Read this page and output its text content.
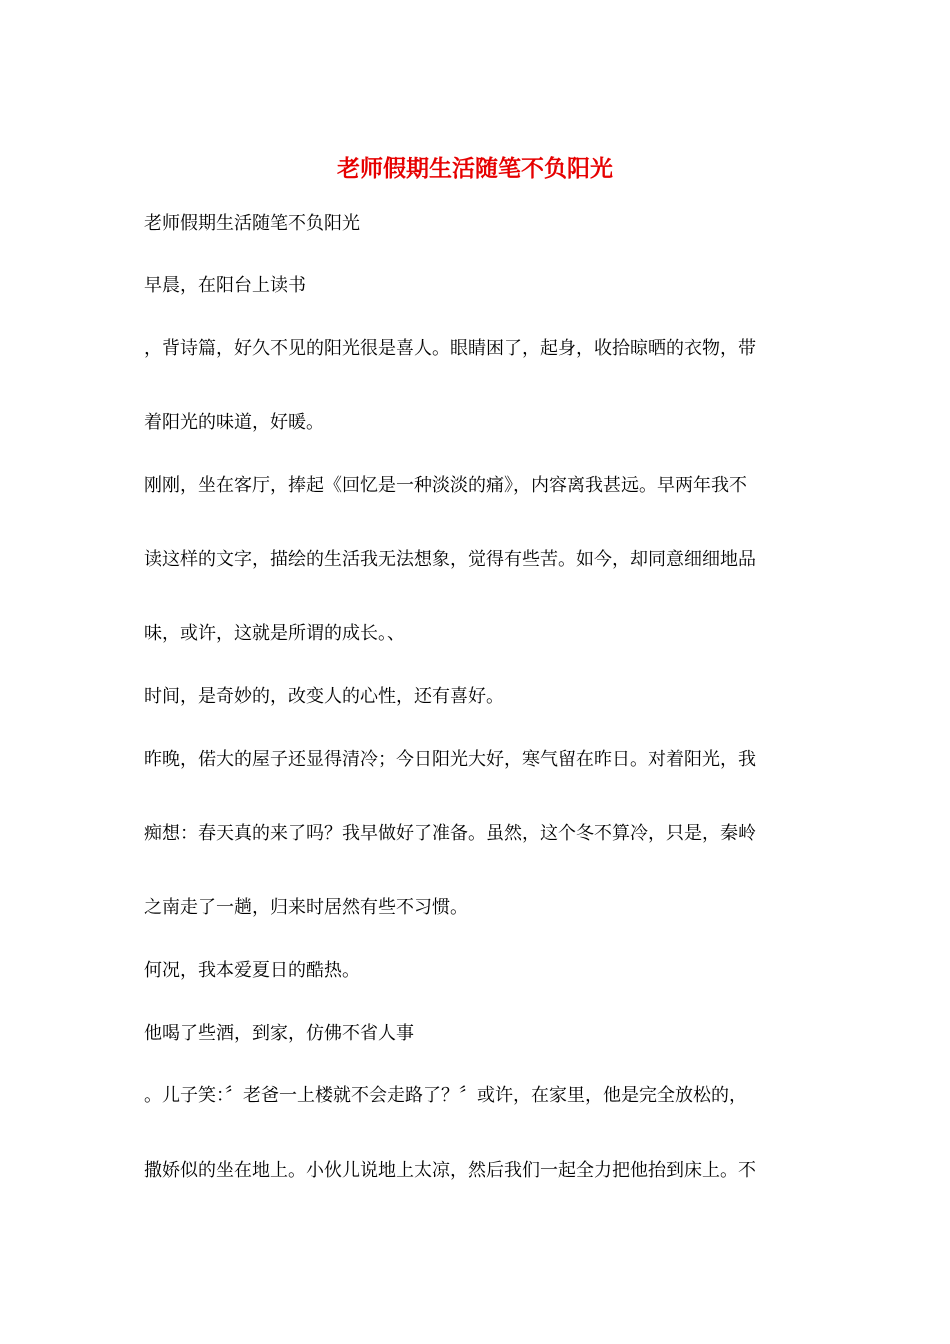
老师假期生活随笔不负阳光

老师假期生活随笔不负阳光

早晨，在阳台上读书

，背诗篇，好久不见的阳光很是喜人。眼睛困了，起身，收拾晾晒的衣物，带

着阳光的味道，好暖。

刚刚，坐在客厅，捧起《回忆是一种淡淡的痛》，内容离我甚远。早两年我不

读这样的文字，描绘的生活我无法想象，觉得有些苦。如今，却同意细细地品

味，或许，这就是所谓的成长。、

时间，是奇妙的，改变人的心性，还有喜好。

昨晚，偌大的屋子还显得清冷；今日阳光大好，寒气留在昨日。对着阳光，我

痴想：春天真的来了吗？我早做好了准备。虽然，这个冬不算冷，只是，秦岭

之南走了一趟，归来时居然有些不习惯。

何况，我本爱夏日的酷热。

他喝了些酒，到家，仿佛不省人事

。儿子笑：〞老爸一上楼就不会走路了？〞或许，在家里，他是完全放松的，

撒娇似的坐在地上。小伙儿说地上太凉，然后我们一起全力把他抬到床上。不
